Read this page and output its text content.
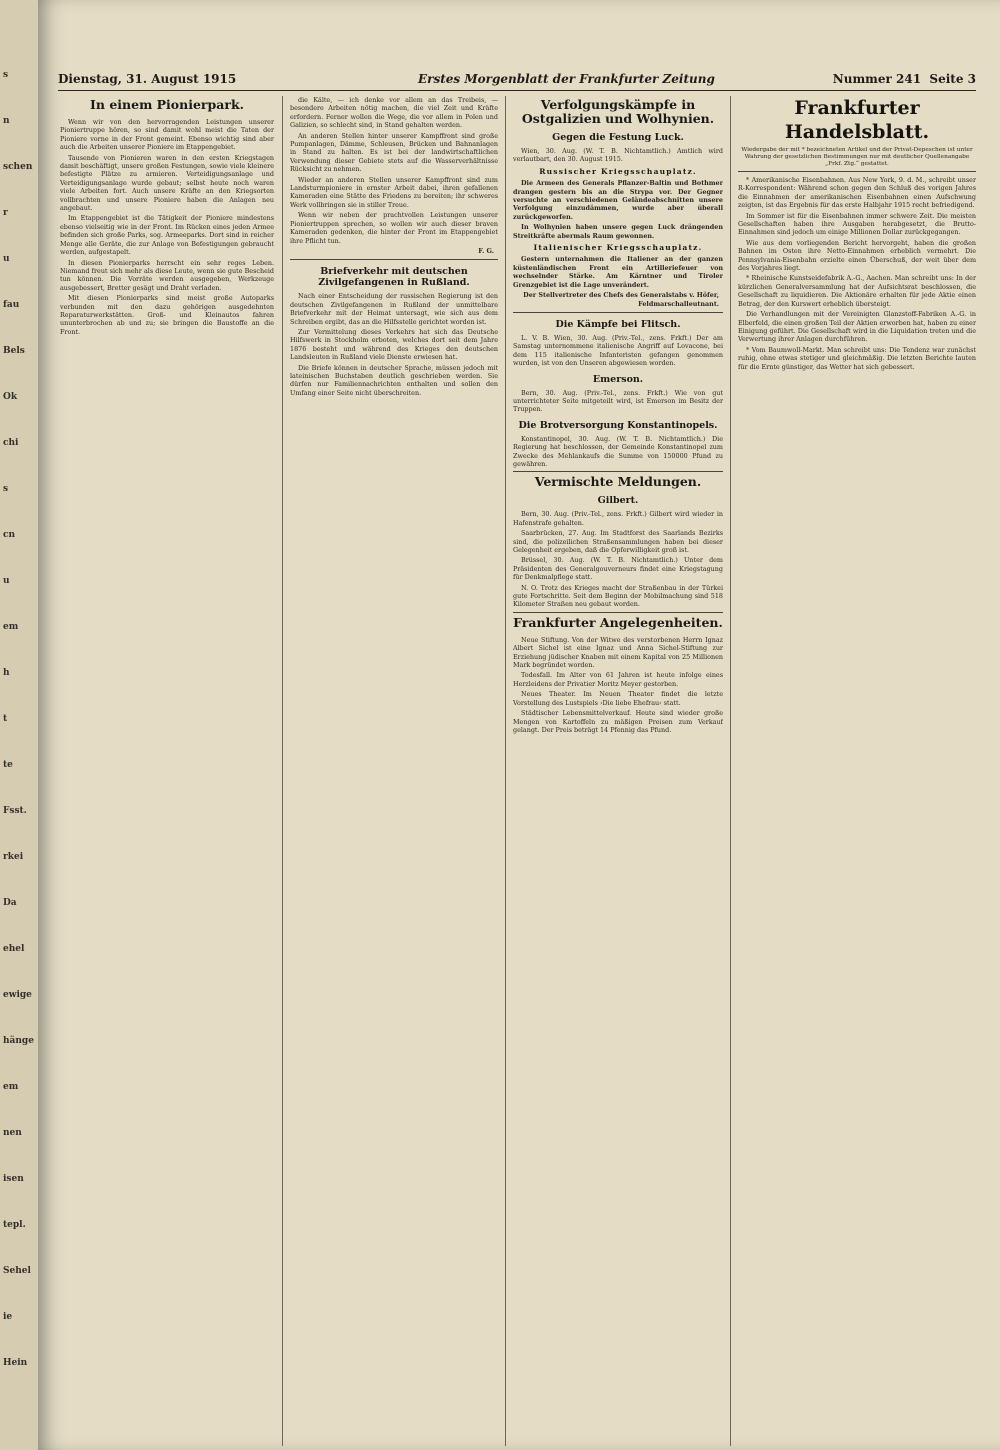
s
n
schen
r
u
fau
Bels
Ok
chi
s
cn
u
em
h
t
te
Fsst.
rkei
Da
ehel
ewige
hänge
em
nen
isen
tepl.
Sehel
ie
Hein
Dienstag, 31. August 1915	Erstes Morgenblatt der Frankfurter Zeitung	Nummer 241 Seite 3
In einem Pionierpark.

Wenn wir von den hervorragenden Leistungen unserer Pioniertruppe hören, so sind damit wohl meist die Taten der Pioniere vorne in der Front gemeint. Ebenso wichtig sind aber auch die Arbeiten unserer Pioniere im Etappengebiet.

Tausende von Pionieren waren in den ersten Kriegstagen damit beschäftigt, unsere großen Festungen, sowie viele kleinere befestigte Plätze zu armieren. Verteidigungsanlage und Verteidigungsanlage wurde gebaut; selbst heute noch waren viele Arbeiten fort. Auch unsere Kräfte an den Kriegsorten vollbrachten und unsere Pioniere haben die Anlagen neu angebaut.

Im Etappengebiet ist die Tätigkeit der Pioniere mindestens ebenso vielseitig wie in der Front. Im Rücken eines jeden Armee befinden sich große Parks, sog. Armeeparks. Dort sind in reicher Menge alle Geräte, die zur Anlage von Befestigungen gebraucht werden, aufgestapelt.

In diesen Pionierparks herrscht ein sehr reges Leben. Niemand freut sich mehr als diese Leute, wenn sie gute Bescheid tun können. Die Vorräte werden ausgegeben, Werkzeuge ausgebessert, Bretter gesägt und Draht verladen.

Mit diesen Pionierparks sind meist große Autoparks verbunden mit den dazu gehörigen ausgedehnten Reparaturwerkstätten. Groß- und Kleinautos fahren ununterbrochen ab und zu; sie bringen die Baustoffe an die Front.

die Kälte, — ich denke vor allem an das Treibeis, — besondere Arbeiten nötig machen, die viel Zeit und Kräfte erfordern. Ferner wollen die Wege, die vor allem in Polen und Galizien, so schlecht sind, in Stand gehalten werden.

An anderen Stellen hinter unserer Kampffront sind große Pumpanlagen, Dämme, Schleusen, Brücken und Bahnanlagen in Stand zu halten. Es ist bei der landwirtschaftlichen Verwendung dieser Gebiete stets auf die Wasserverhältnisse Rücksicht zu nehmen.

Wieder an anderen Stellen unserer Kampffront sind zum Landsturmpioniere in ernster Arbeit dabei, ihren gefallenen Kameraden eine Stätte des Friedens zu bereiten; ihr schweres Werk vollbringen sie in stiller Treue.

Wenn wir neben der prachtvollen Leistungen unserer Pioniertruppen sprechen, so wollen wir auch dieser braven Kameraden gedenken, die hinter der Front im Etappengebiet ihre Pflicht tun.

F. G.
Briefverkehr mit deutschen Zivilgefangenen in Rußland.

Nach einer Entscheidung der russischen Regierung ist den deutschen Zivilgefangenen in Rußland der unmittelbare Briefverkehr mit der Heimat untersagt, wie sich aus dem Schreiben ergibt, das an die Hilfsstelle gerichtet worden ist.

Zur Vermittelung dieses Verkehrs hat sich das Deutsche Hilfswerk in Stockholm erboten, welches dort seit dem Jahre 1876 besteht und während des Krieges den deutschen Landsleuten in Rußland viele Dienste erwiesen hat.

Die Briefe können in deutscher Sprache, müssen jedoch mit lateinischen Buchstaben deutlich geschrieben werden. Sie dürfen nur Familiennachrichten enthalten und sollen den Umfang einer Seite nicht überschreiten.

Verfolgungskämpfe in Ostgalizien und Wolhynien.
Gegen die Festung Luck.

Wien, 30. Aug. (W. T. B. Nichtamtlich.) Amtlich wird verlautbart, den 30. August 1915.

Russischer Kriegsschauplatz.

Die Armeen des Generals Pflanzer-Baltin und Bothmer drangen gestern bis an die Strypa vor. Der Gegner versuchte an verschiedenen Geländeabschnitten unsere Verfolgung einzudämmen, wurde aber überall zurückgeworfen.

In Wolhynien haben unsere gegen Luck drängenden Streitkräfte abermals Raum gewonnen.

Italienischer Kriegsschauplatz.

Gestern unternahmen die Italiener an der ganzen küstenländischen Front ein Artilleriefeuer von wechselnder Stärke. Am Kärntner und Tiroler Grenzgebiet ist die Lage unverändert.

Der Stellvertreter des Chefs des Generalstabs v. Höfer, Feldmarschalleutnant.
Die Kämpfe bei Flitsch.

L. V. B. Wien, 30. Aug. (Priv.-Tel., zens. Frkft.) Der am Samstag unternommene italienische Angriff auf Lovacone, bei dem 115 italienische Infanteristen gefangen genommen wurden, ist von den Unseren abgewiesen worden.

Emerson.

Bern, 30. Aug. (Priv.-Tel., zens. Frkft.) Wie von gut unterrichteter Seite mitgeteilt wird, ist Emerson im Besitz der Truppen.

Die Brotversorgung Konstantinopels.

Konstantinopel, 30. Aug. (W. T. B. Nichtamtlich.) Die Regierung hat beschlossen, der Gemeinde Konstantinopel zum Zwecke des Mehlankaufs die Summe von 150000 Pfund zu gewähren.

Vermischte Meldungen.
Gilbert.

Bern, 30. Aug. (Priv.-Tel., zens. Frkft.) Gilbert wird wieder in Hafenstrafe gehalten.

Saarbrücken, 27. Aug. Im Stadtforst des Saarlands Bezirks sind, die polizeilichen Straßensammlungen haben bei dieser Gelegenheit ergeben, daß die Opferwilligkeit groß ist.

Brüssel, 30. Aug. (W. T. B. Nichtamtlich.) Unter dem Präsidenten des Generalgouverneurs findet eine Kriegstagung für Denkmalpflege statt.

N. O. Trotz des Krieges macht der Straßenbau in der Türkei gute Fortschritte. Seit dem Beginn der Mobilmachung sind 518 Kilometer Straßen neu gebaut worden.

Frankfurter Angelegenheiten.

Neue Stiftung. Von der Witwe des verstorbenen Herrn Ignaz Albert Sichel ist eine Ignaz und Anna Sichel-Stiftung zur Erziehung jüdischer Knaben mit einem Kapital von 25 Millionen Mark begründet worden.

Todesfall. Im Alter von 61 Jahren ist heute infolge eines Herzleidens der Privatier Moritz Meyer gestorben.

Neues Theater. Im Neuen Theater findet die letzte Vorstellung des Lustspiels ›Die liebe Ehefrau‹ statt.

Städtischer Lebensmittelverkauf. Heute sind wieder große Mengen von Kartoffeln zu mäßigen Preisen zum Verkauf gelangt. Der Preis beträgt 14 Pfennig das Pfund.

Frankfurter Handelsblatt.
Wiedergabe der mit * bezeichneten Artikel und der Privat-Depeschen ist unter Wahrung der gesetzlichen Bestimmungen nur mit deutlicher Quellenangabe „Frkf. Ztg.“ gestattet.

* Amerikanische Eisenbahnen. Aus New York, 9. d. M., schreibt unser R-Korrespondent: Während schon gegen den Schluß des vorigen Jahres die Einnahmen der amerikanischen Eisenbahnen einen Aufschwung zeigten, ist das Ergebnis für das erste Halbjahr 1915 recht befriedigend.

Im Sommer ist für die Eisenbahnen immer schwere Zeit. Die meisten Gesellschaften haben ihre Ausgaben herabgesetzt, die Brutto-Einnahmen sind jedoch um einige Millionen Dollar zurückgegangen.

Wie aus dem vorliegenden Bericht hervorgeht, haben die großen Bahnen im Osten ihre Netto-Einnahmen erheblich vermehrt. Die Pennsylvania-Eisenbahn erzielte einen Überschuß, der weit über dem des Vorjahres liegt.

* Rheinische Kunstseidefabrik A.-G., Aachen. Man schreibt uns: In der kürzlichen Generalversammlung hat der Aufsichtsrat beschlossen, die Gesellschaft zu liquidieren. Die Aktionäre erhalten für jede Aktie einen Betrag, der den Kurswert erheblich übersteigt.

Die Verhandlungen mit der Vereinigten Glanzstoff-Fabriken A.-G. in Elberfeld, die einen großen Teil der Aktien erworben hat, haben zu einer Einigung geführt. Die Gesellschaft wird in die Liquidation treten und die Verwertung ihrer Anlagen durchführen.

* Vom Baumwoll-Markt. Man schreibt uns: Die Tendenz war zunächst ruhig, ohne etwas stetiger und gleichmäßig. Die letzten Berichte lauten für die Ernte günstiger, das Wetter hat sich gebessert.
